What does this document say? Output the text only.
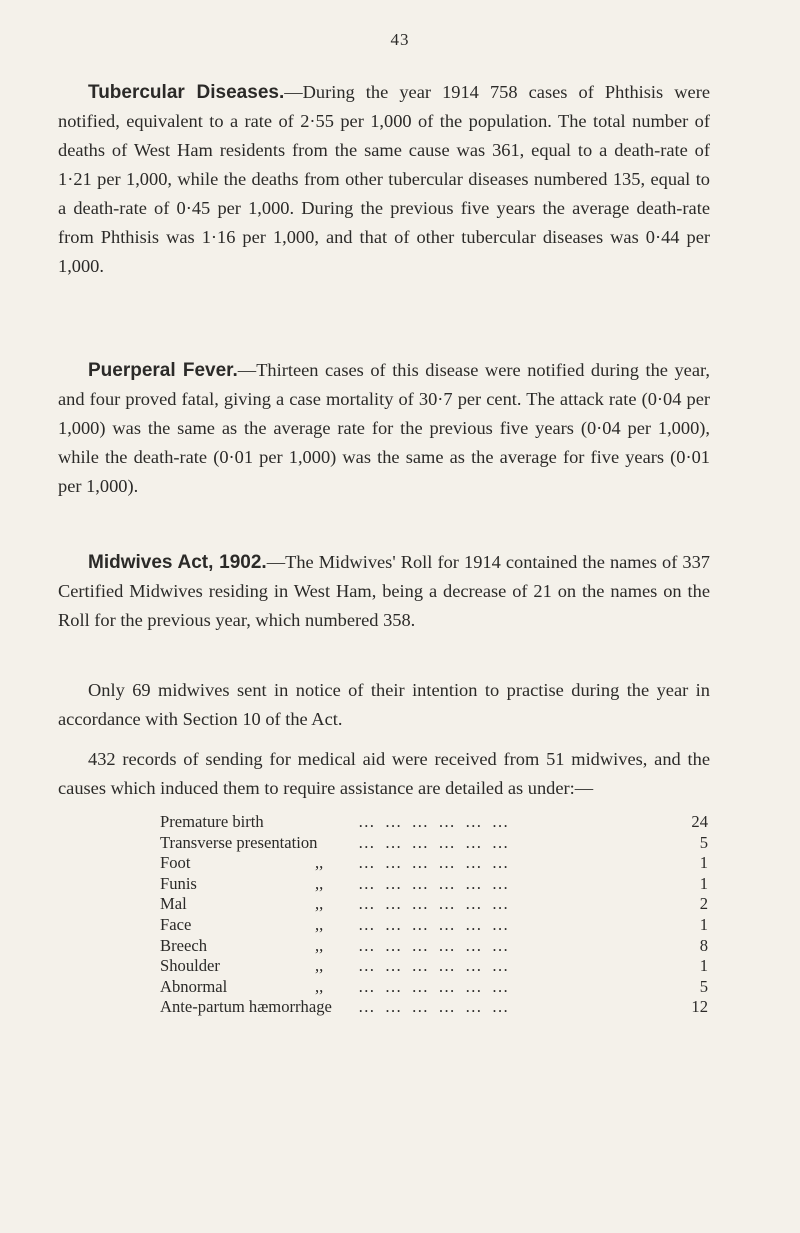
43

Tubercular Diseases.—During the year 1914 758 cases of Phthisis were notified, equivalent to a rate of 2·55 per 1,000 of the population. The total number of deaths of West Ham residents from the same cause was 361, equal to a death-rate of 1·21 per 1,000, while the deaths from other tubercular diseases numbered 135, equal to a death-rate of 0·45 per 1,000. During the previous five years the average death-rate from Phthisis was 1·16 per 1,000, and that of other tubercular diseases was 0·44 per 1,000.

Puerperal Fever.—Thirteen cases of this disease were notified during the year, and four proved fatal, giving a case mortality of 30·7 per cent. The attack rate (0·04 per 1,000) was the same as the average rate for the previous five years (0·04 per 1,000), while the death-rate (0·01 per 1,000) was the same as the average for five years (0·01 per 1,000).

Midwives Act, 1902.—The Midwives' Roll for 1914 contained the names of 337 Certified Midwives residing in West Ham, being a decrease of 21 on the names on the Roll for the previous year, which numbered 358.

Only 69 midwives sent in notice of their intention to practise during the year in accordance with Section 10 of the Act.

432 records of sending for medical aid were received from 51 midwives, and the causes which induced them to require assistance are detailed as under:—

Premature birth	… … … … … …	24
Transverse presentation … … … … … …	5
Foot	,, … … … … … …	1
Funis	,, … … … … … …	1
Mal	,, … … … … … …	2
Face	,, … … … … … …	1
Breech	,, … … … … … …	8
Shoulder	,, … … … … … …	1
Abnormal	,, … … … … … …	5
Ante-partum hæmorrhage … … … … … …	12
